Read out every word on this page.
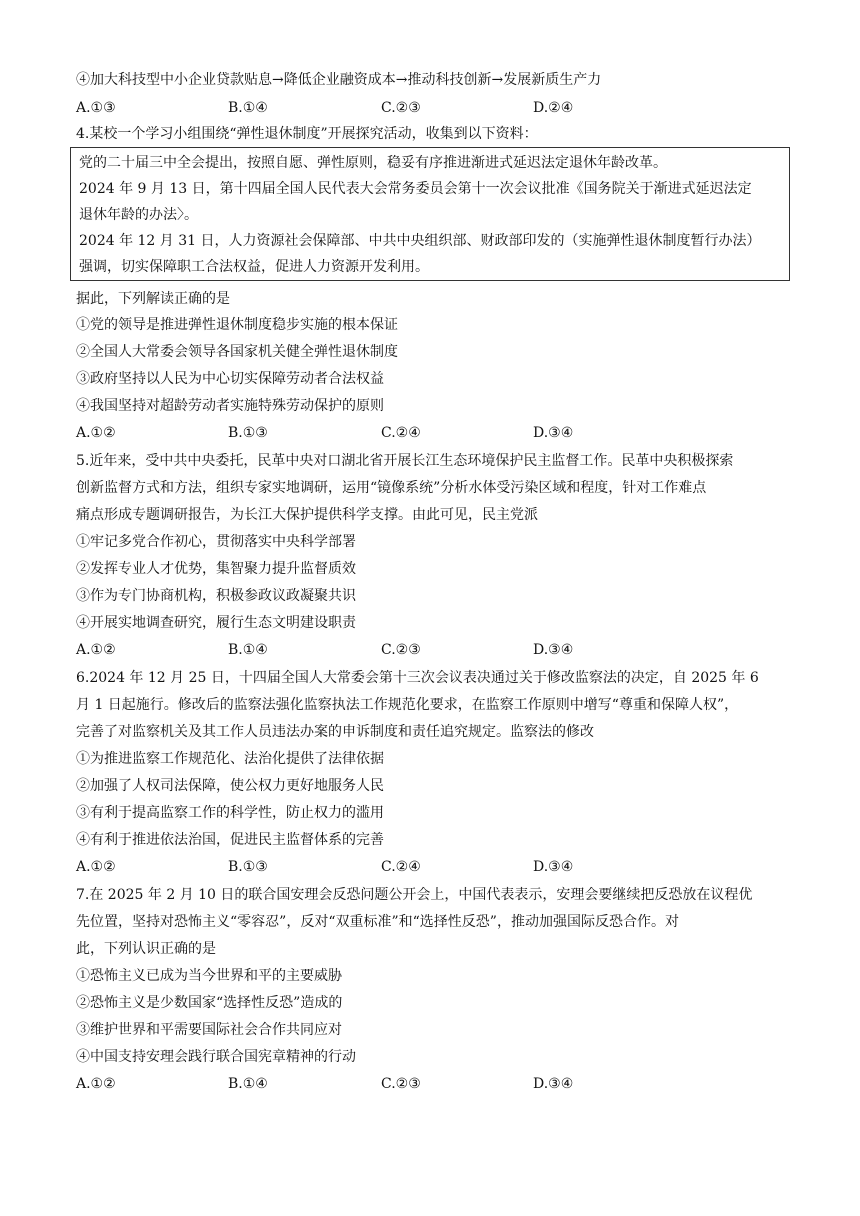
④加大科技型中小企业贷款贴息→降低企业融资成本→推动科技创新→发展新质生产力
A.①③	B.①④	C.②③	D.②④
4.某校一个学习小组围绕“弹性退休制度”开展探究活动，收集到以下资料：
党的二十届三中全会提出，按照自愿、弹性原则，稳妥有序推进渐进式延迟法定退休年龄改革。
2024 年 9 月 13 日，第十四届全国人民代表大会常务委员会第十一次会议批准《国务院关于渐进式延迟法定
退休年龄的办法〉。
2024 年 12 月 31 日，人力资源社会保障部、中共中央组织部、财政部印发的（实施弹性退休制度暂行办法）
强调，切实保障职工合法权益，促进人力资源开发利用。
据此，下列解读正确的是
①党的领导是推进弹性退休制度稳步实施的根本保证
②全国人大常委会领导各国家机关健全弹性退休制度
③政府坚持以人民为中心切实保障劳动者合法权益
④我国坚持对超龄劳动者实施特殊劳动保护的原则
A.①②	B.①③	C.②④	D.③④
5.近年来，受中共中央委托，民革中央对口湖北省开展长江生态环境保护民主监督工作。民革中央积极探索
创新监督方式和方法，组织专家实地调研，运用“镜像系统”分析水体受污染区域和程度，针对工作难点
痛点形成专题调研报告，为长江大保护提供科学支撑。由此可见，民主党派
①牢记多党合作初心，贯彻落实中央科学部署
②发挥专业人才优势，集智聚力提升监督质效
③作为专门协商机构，积极参政议政凝聚共识
④开展实地调查研究，履行生态文明建设职责
A.①②	B.①④	C.②③	D.③④
6.2024 年 12 月 25 日，十四届全国人大常委会第十三次会议表决通过关于修改监察法的决定，自 2025 年 6
月 1 日起施行。修改后的监察法强化监察执法工作规范化要求，在监察工作原则中增写“尊重和保障人权”，
完善了对监察机关及其工作人员违法办案的申诉制度和责任追究规定。监察法的修改
①为推进监察工作规范化、法治化提供了法律依据
②加强了人权司法保障，使公权力更好地服务人民
③有利于提高监察工作的科学性，防止权力的滥用
④有利于推进依法治国，促进民主监督体系的完善
A.①②	B.①③	C.②④	D.③④
7.在 2025 年 2 月 10 日的联合国安理会反恐问题公开会上，中国代表表示，安理会要继续把反恐放在议程优
先位置，坚持对恐怖主义“零容忍”，反对“双重标准”和“选择性反恐”，推动加强国际反恐合作。对
此，下列认识正确的是
①恐怖主义已成为当今世界和平的主要威胁
②恐怖主义是少数国家“选择性反恐”造成的
③维护世界和平需要国际社会合作共同应对
④中国支持安理会践行联合国宪章精神的行动
A.①②	B.①④	C.②③	D.③④
